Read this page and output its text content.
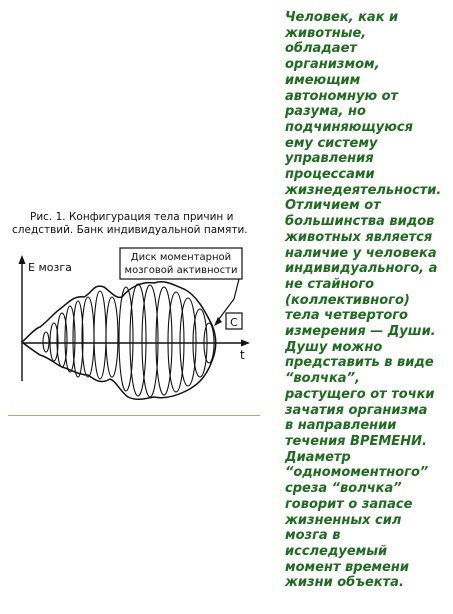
Рис. 1. Конфигурация тела причин и
следствий. Банк индивидуальной памяти.
Е мозга
t
Диск моментарной
мозговой активности
С
Человек, как и
животные,
обладает
организмом,
имеющим
автономную от
разума, но
подчиняющуюся
ему систему
управления
процессами
жизнедеятельности.
Отличием от
большинства видов
животных является
наличие у человека
индивидуального, а
не стайного
(коллективного)
тела четвертого
измерения — Души.
Душу можно
представить в виде
“волчка”,
растущего от точки
зачатия организма
в направлении
течения ВРЕМЕНИ.
Диаметр
“одномоментного”
среза “волчка”
говорит о запасе
жизненных сил
мозга в
исследуемый
момент времени
жизни объекта.
